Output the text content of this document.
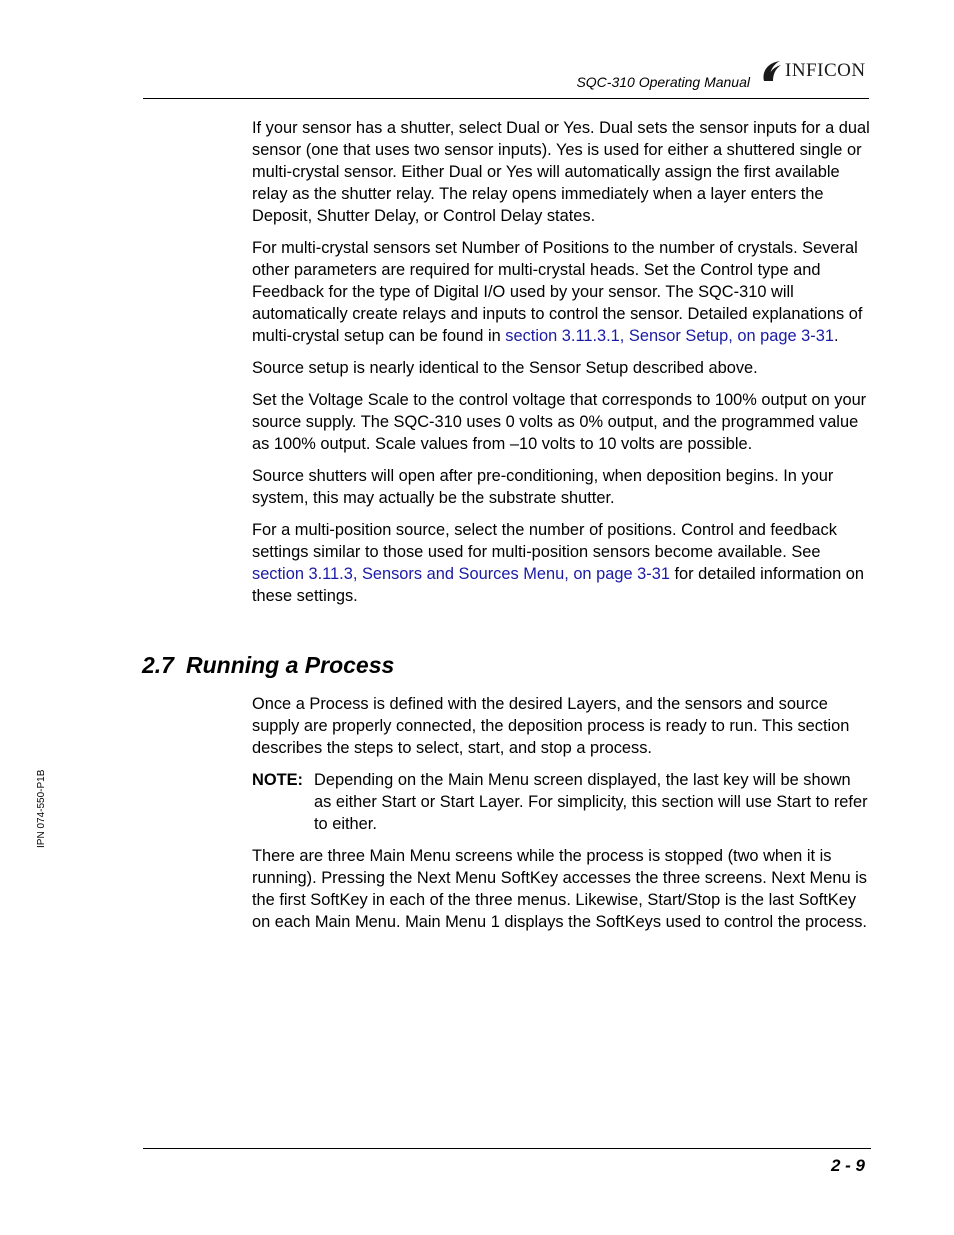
SQC-310 Operating Manual
INFICON

If your sensor has a shutter, select Dual or Yes. Dual sets the sensor inputs for a dual sensor (one that uses two sensor inputs). Yes is used for either a shuttered single or multi-crystal sensor. Either Dual or Yes will automatically assign the first available relay as the shutter relay. The relay opens immediately when a layer enters the Deposit, Shutter Delay, or Control Delay states.

For multi-crystal sensors set Number of Positions to the number of crystals. Several other parameters are required for multi-crystal heads. Set the Control type and Feedback for the type of Digital I/O used by your sensor. The SQC-310 will automatically create relays and inputs to control the sensor. Detailed explanations of multi-crystal setup can be found in section 3.11.3.1, Sensor Setup, on page 3-31.

Source setup is nearly identical to the Sensor Setup described above.

Set the Voltage Scale to the control voltage that corresponds to 100% output on your source supply. The SQC-310 uses 0 volts as 0% output, and the programmed value as 100% output. Scale values from –10 volts to 10 volts are possible.

Source shutters will open after pre-conditioning, when deposition begins. In your system, this may actually be the substrate shutter.

For a multi-position source, select the number of positions. Control and feedback settings similar to those used for multi-position sensors become available. See section 3.11.3, Sensors and Sources Menu, on page 3-31 for detailed information on these settings.

2.7 Running a Process

Once a Process is defined with the desired Layers, and the sensors and source supply are properly connected, the deposition process is ready to run. This section describes the steps to select, start, and stop a process.

NOTE: Depending on the Main Menu screen displayed, the last key will be shown as either Start or Start Layer. For simplicity, this section will use Start to refer to either.

There are three Main Menu screens while the process is stopped (two when it is running). Pressing the Next Menu SoftKey accesses the three screens. Next Menu is the first SoftKey in each of the three menus. Likewise, Start/Stop is the last SoftKey on each Main Menu. Main Menu 1 displays the SoftKeys used to control the process.

IPN 074-550-P1B
2 - 9
